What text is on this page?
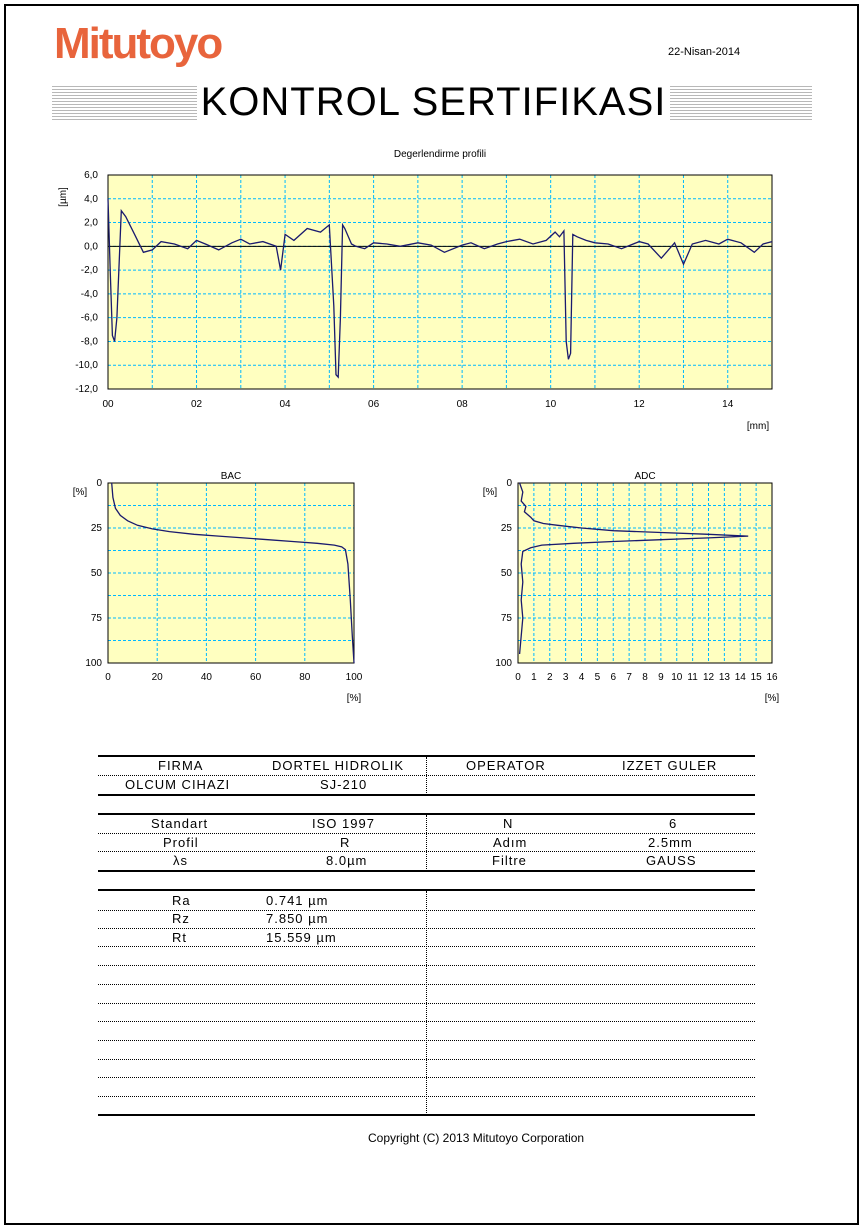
Mitutoyo	22-Nisan-2014
KONTROL SERTIFIKASI
00	02	04	06	08	10	12	14
6,0
4,0
2,0
0,0
-2,0
-4,0
-6,0
-8,0
-10,0
-12,0
Degerlendirme profili
[µm]
[mm]
0	20	40	60	80	100
0
25
50
75
100
BAC
[%]
[%]
0 1 2 3 4 5 6 7 8 9 10 11 12 13 14 15 16
0
25
50
75
100
ADC
[%]
[%]
FIRMA	DORTEL HIDROLIK	OPERATOR	IZZET GULER
OLCUM CIHAZI	SJ-210
Standart	ISO 1997	N	6
Profil	R	Adım	2.5mm
λs	8.0µm	Filtre	GAUSS
Ra	0.741 µm
Rz	7.850 µm
Rt	15.559 µm
Copyright (C) 2013 Mitutoyo Corporation
